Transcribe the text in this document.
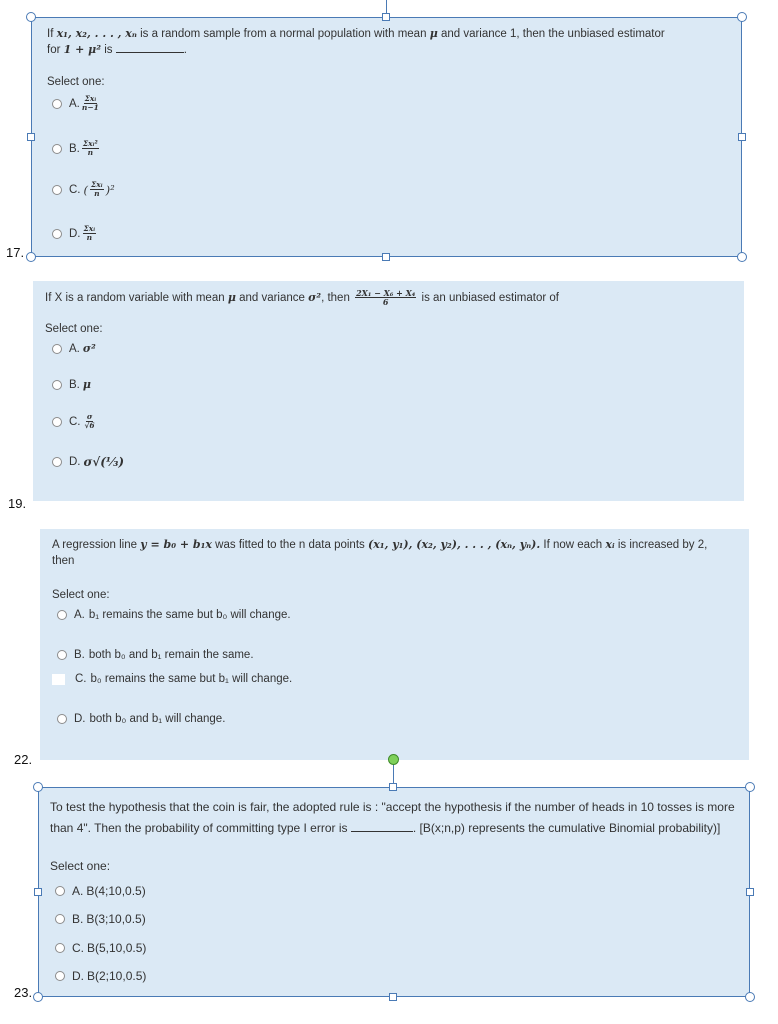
17.
If x₁, x₂, . . . , xₙ is a random sample from a normal population with mean μ and variance 1, then the unbiased estimator
for 1 + μ² is	.
Select one:
A. $\frac{\text{Σxᵢ}}{n-1}$
B. $\frac{\text{Σxᵢ²}}{n}$
C. ( $\frac{\text{Σxᵢ}}{n} )^2$
D. $\frac{\text{Σxᵢ}}{n}$
19.
If X is a random variable with mean μ and variance σ², then $\frac{\text{2X₁ − X₆ + X₄}}{6}$ is an unbiased estimator of
Select one:
A. σ²
B. μ
C. $\frac{\sigma}{√6}$
D. σ√(⅓)
22.
A regression line y = b₀ + b₁x was fitted to the n data points (x₁, y₁), (x₂, y₂), . . . , (xₙ, yₙ). If now each xᵢ is increased by 2,
then
Select one:
A. b₁ remains the same but b₀ will change.
B. both b₀ and b₁ remain the same.
C. b₀ remains the same but b₁ will change.
D. both b₀ and b₁ will change.
23.
To test the hypothesis that the coin is fair, the adopted rule is : "accept the hypothesis if the number of heads in 10 tosses is more
than 4". Then the probability of committing type I error is	. [B(x;n,p) represents the cumulative Binomial probability)]
Select one:
A. B(4;10,0.5)
B. B(3;10,0.5)
C. B(5,10,0.5)
D. B(2;10,0.5)
